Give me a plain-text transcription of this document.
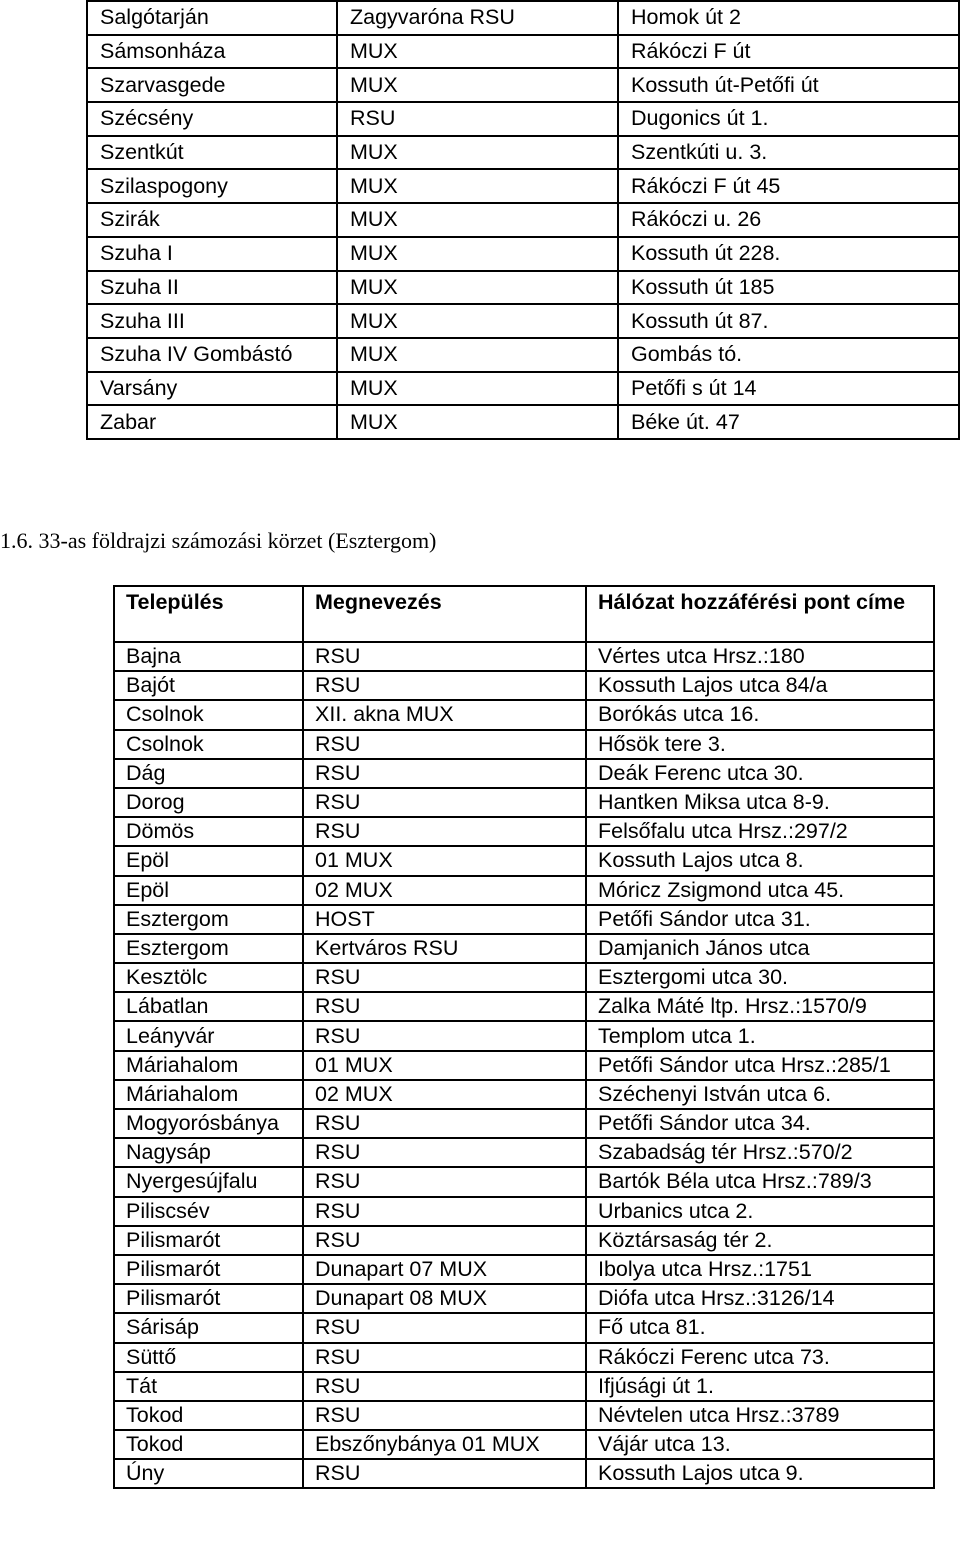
Salgótarján	Zagyvaróna RSU	Homok út 2
Sámsonháza	MUX	Rákóczi F út
Szarvasgede	MUX	Kossuth út-Petőfi út
Szécsény	RSU	Dugonics út 1.
Szentkút	MUX	Szentkúti u. 3.
Szilaspogony	MUX	Rákóczi F út 45
Szirák	MUX	Rákóczi u. 26
Szuha I	MUX	Kossuth út 228.
Szuha II	MUX	Kossuth út 185
Szuha III	MUX	Kossuth út 87.
Szuha IV Gombástó	MUX	Gombás tó.
Varsány	MUX	Petőfi s út 14
Zabar	MUX	Béke út. 47
1.6. 33-as földrajzi számozási körzet (Esztergom)
Település	Megnevezés	Hálózat hozzáférési pont címe
Bajna	RSU	Vértes utca Hrsz.:180
Bajót	RSU	Kossuth Lajos utca 84/a
Csolnok	XII. akna MUX	Borókás utca 16.
Csolnok	RSU	Hősök tere 3.
Dág	RSU	Deák Ferenc utca 30.
Dorog	RSU	Hantken Miksa utca 8-9.
Dömös	RSU	Felsőfalu utca Hrsz.:297/2
Epöl	01 MUX	Kossuth Lajos utca 8.
Epöl	02 MUX	Móricz Zsigmond utca 45.
Esztergom	HOST	Petőfi Sándor utca 31.
Esztergom	Kertváros RSU	Damjanich János utca
Kesztölc	RSU	Esztergomi utca 30.
Lábatlan	RSU	Zalka Máté ltp. Hrsz.:1570/9
Leányvár	RSU	Templom utca 1.
Máriahalom	01 MUX	Petőfi Sándor utca Hrsz.:285/1
Máriahalom	02 MUX	Széchenyi István utca 6.
Mogyorósbánya	RSU	Petőfi Sándor utca 34.
Nagysáp	RSU	Szabadság tér Hrsz.:570/2
Nyergesújfalu	RSU	Bartók Béla utca Hrsz.:789/3
Piliscsév	RSU	Urbanics utca 2.
Pilismarót	RSU	Köztársaság tér 2.
Pilismarót	Dunapart 07 MUX	Ibolya utca Hrsz.:1751
Pilismarót	Dunapart 08 MUX	Diófa utca Hrsz.:3126/14
Sárisáp	RSU	Fő utca 81.
Süttő	RSU	Rákóczi Ferenc utca 73.
Tát	RSU	Ifjúsági út 1.
Tokod	RSU	Névtelen utca Hrsz.:3789
Tokod	Ebszőnybánya 01 MUX	Vájár utca 13.
Úny	RSU	Kossuth Lajos utca 9.
